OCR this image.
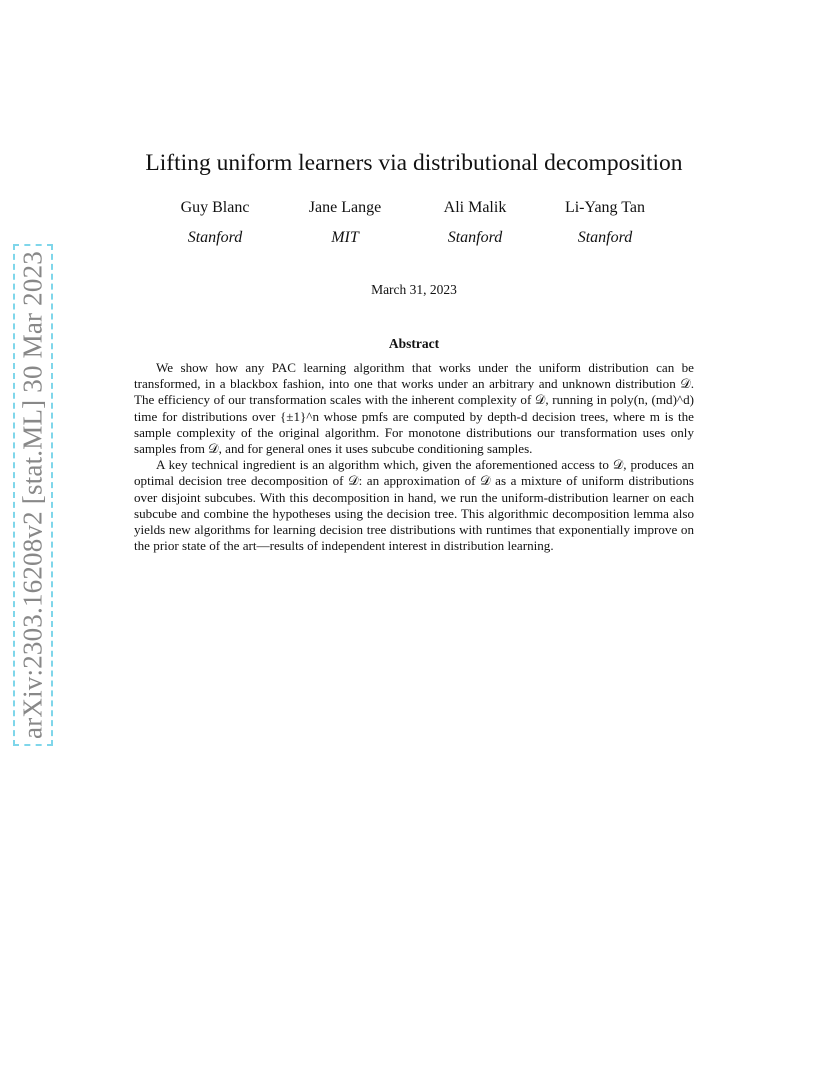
arXiv:2303.16208v2 [stat.ML] 30 Mar 2023
Lifting uniform learners via distributional decomposition
Guy Blanc
Stanford
Jane Lange
MIT
Ali Malik
Stanford
Li-Yang Tan
Stanford
March 31, 2023
Abstract

We show how any PAC learning algorithm that works under the uniform distribution can be transformed, in a blackbox fashion, into one that works under an arbitrary and unknown distribution 𝒟. The efficiency of our transformation scales with the inherent complexity of 𝒟, running in poly(n, (md)^d) time for distributions over {±1}^n whose pmfs are computed by depth-d decision trees, where m is the sample complexity of the original algorithm. For monotone distributions our transformation uses only samples from 𝒟, and for general ones it uses subcube conditioning samples.

A key technical ingredient is an algorithm which, given the aforementioned access to 𝒟, produces an optimal decision tree decomposition of 𝒟: an approximation of 𝒟 as a mixture of uniform distributions over disjoint subcubes. With this decomposition in hand, we run the uniform-distribution learner on each subcube and combine the hypotheses using the decision tree. This algorithmic decomposition lemma also yields new algorithms for learning decision tree distributions with runtimes that exponentially improve on the prior state of the art—results of independent interest in distribution learning.
